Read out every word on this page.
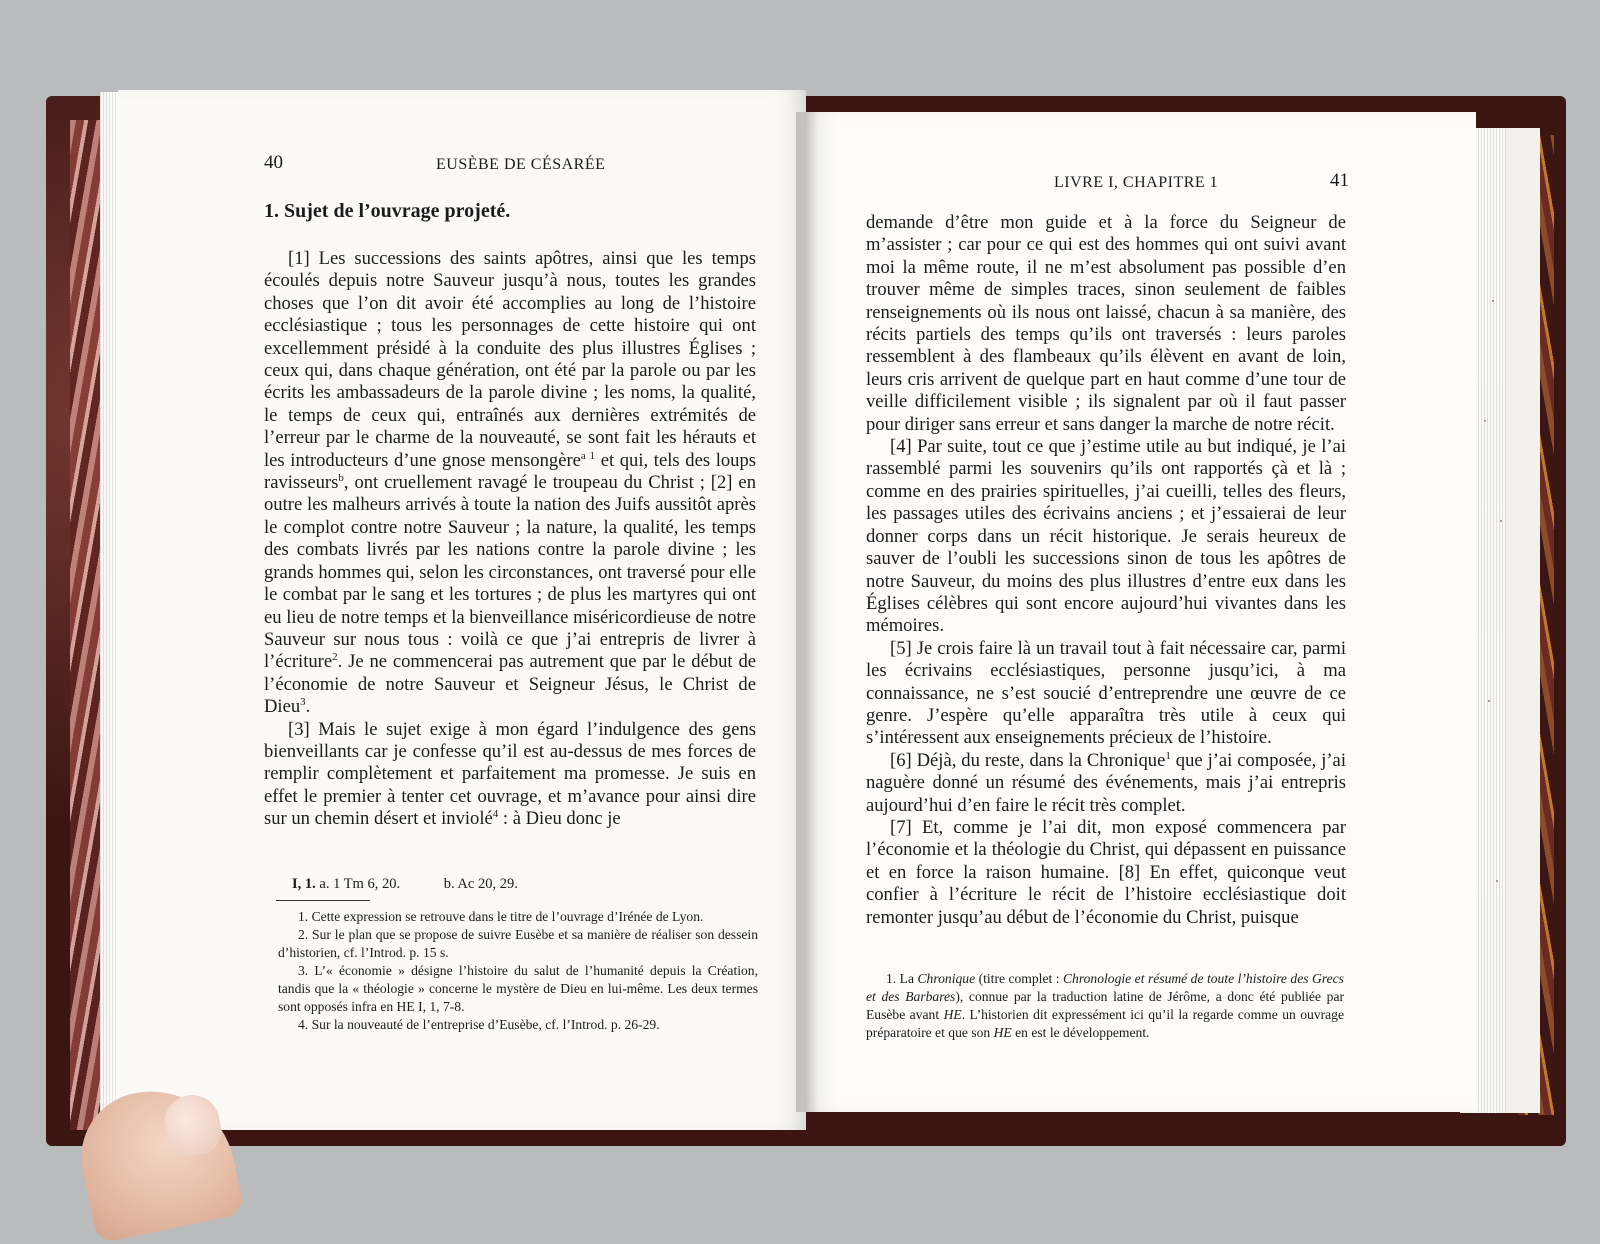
40	EUSÈBE DE CÉSARÉE
1. Sujet de l’ouvrage projeté.

[1] Les successions des saints apôtres, ainsi que les temps écoulés depuis notre Sauveur jusqu’à nous, toutes les grandes choses que l’on dit avoir été accomplies au long de l’histoire ecclésiastique ; tous les personnages de cette histoire qui ont excellemment présidé à la conduite des plus illustres Églises ; ceux qui, dans chaque génération, ont été par la parole ou par les écrits les ambassadeurs de la parole divine ; les noms, la qualité, le temps de ceux qui, entraînés aux dernières extrémités de l’erreur par le charme de la nouveauté, se sont fait les hérauts et les introducteurs d’une gnose mensongère$^{a 1}$ et qui, tels des loups ravisseurs$^b$, ont cruellement ravagé le troupeau du Christ ; [2] en outre les malheurs arrivés à toute la nation des Juifs aussitôt après le complot contre notre Sauveur ; la nature, la qualité, les temps des combats livrés par les nations contre la parole divine ; les grands hommes qui, selon les circonstances, ont traversé pour elle le combat par le sang et les tortures ; de plus les martyres qui ont eu lieu de notre temps et la bienveillance miséricordieuse de notre Sauveur sur nous tous : voilà ce que j’ai entrepris de livrer à l’écriture$^2$. Je ne commencerai pas autrement que par le début de l’économie de notre Sauveur et Seigneur Jésus, le Christ de Dieu$^3$.

[3] Mais le sujet exige à mon égard l’indulgence des gens bienveillants car je confesse qu’il est au-dessus de mes forces de remplir complètement et parfaitement ma promesse. Je suis en effet le premier à tenter cet ouvrage, et m’avance pour ainsi dire sur un chemin désert et inviolé$^4$ : à Dieu donc je

I, 1. a. 1 Tm 6, 20.	b. Ac 20, 29.

1. Cette expression se retrouve dans le titre de l’ouvrage d’Irénée de Lyon.

2. Sur le plan que se propose de suivre Eusèbe et sa manière de réaliser son dessein d’historien, cf. l’Introd. p. 15 s.

3. L’« économie » désigne l’histoire du salut de l’humanité depuis la Création, tandis que la « théologie » concerne le mystère de Dieu en lui-même. Les deux termes sont opposés infra en HE I, 1, 7-8.

4. Sur la nouveauté de l’entreprise d’Eusèbe, cf. l’Introd. p. 26-29.

LIVRE I, CHAPITRE 1	41

demande d’être mon guide et à la force du Seigneur de m’assister ; car pour ce qui est des hommes qui ont suivi avant moi la même route, il ne m’est absolument pas possible d’en trouver même de simples traces, sinon seulement de faibles renseignements où ils nous ont laissé, chacun à sa manière, des récits partiels des temps qu’ils ont traversés : leurs paroles ressemblent à des flambeaux qu’ils élèvent en avant de loin, leurs cris arrivent de quelque part en haut comme d’une tour de veille difficilement visible ; ils signalent par où il faut passer pour diriger sans erreur et sans danger la marche de notre récit.

[4] Par suite, tout ce que j’estime utile au but indiqué, je l’ai rassemblé parmi les souvenirs qu’ils ont rapportés çà et là ; comme en des prairies spirituelles, j’ai cueilli, telles des fleurs, les passages utiles des écrivains anciens ; et j’essaierai de leur donner corps dans un récit historique. Je serais heureux de sauver de l’oubli les successions sinon de tous les apôtres de notre Sauveur, du moins des plus illustres d’entre eux dans les Églises célèbres qui sont encore aujourd’hui vivantes dans les mémoires.

[5] Je crois faire là un travail tout à fait nécessaire car, parmi les écrivains ecclésiastiques, personne jusqu’ici, à ma connaissance, ne s’est soucié d’entreprendre une œuvre de ce genre. J’espère qu’elle apparaîtra très utile à ceux qui s’intéressent aux enseignements précieux de l’histoire.

[6] Déjà, du reste, dans la Chronique$^1$ que j’ai composée, j’ai naguère donné un résumé des événements, mais j’ai entrepris aujourd’hui d’en faire le récit très complet.

[7] Et, comme je l’ai dit, mon exposé commencera par l’économie et la théologie du Christ, qui dépassent en puissance et en force la raison humaine. [8] En effet, quiconque veut confier à l’écriture le récit de l’histoire ecclésiastique doit remonter jusqu’au début de l’économie du Christ, puisque

1. La Chronique (titre complet : Chronologie et résumé de toute l’histoire des Grecs et des Barbares), connue par la traduction latine de Jérôme, a donc été publiée par Eusèbe avant HE. L’historien dit expressément ici qu’il la regarde comme un ouvrage préparatoire et que son HE en est le développement.
